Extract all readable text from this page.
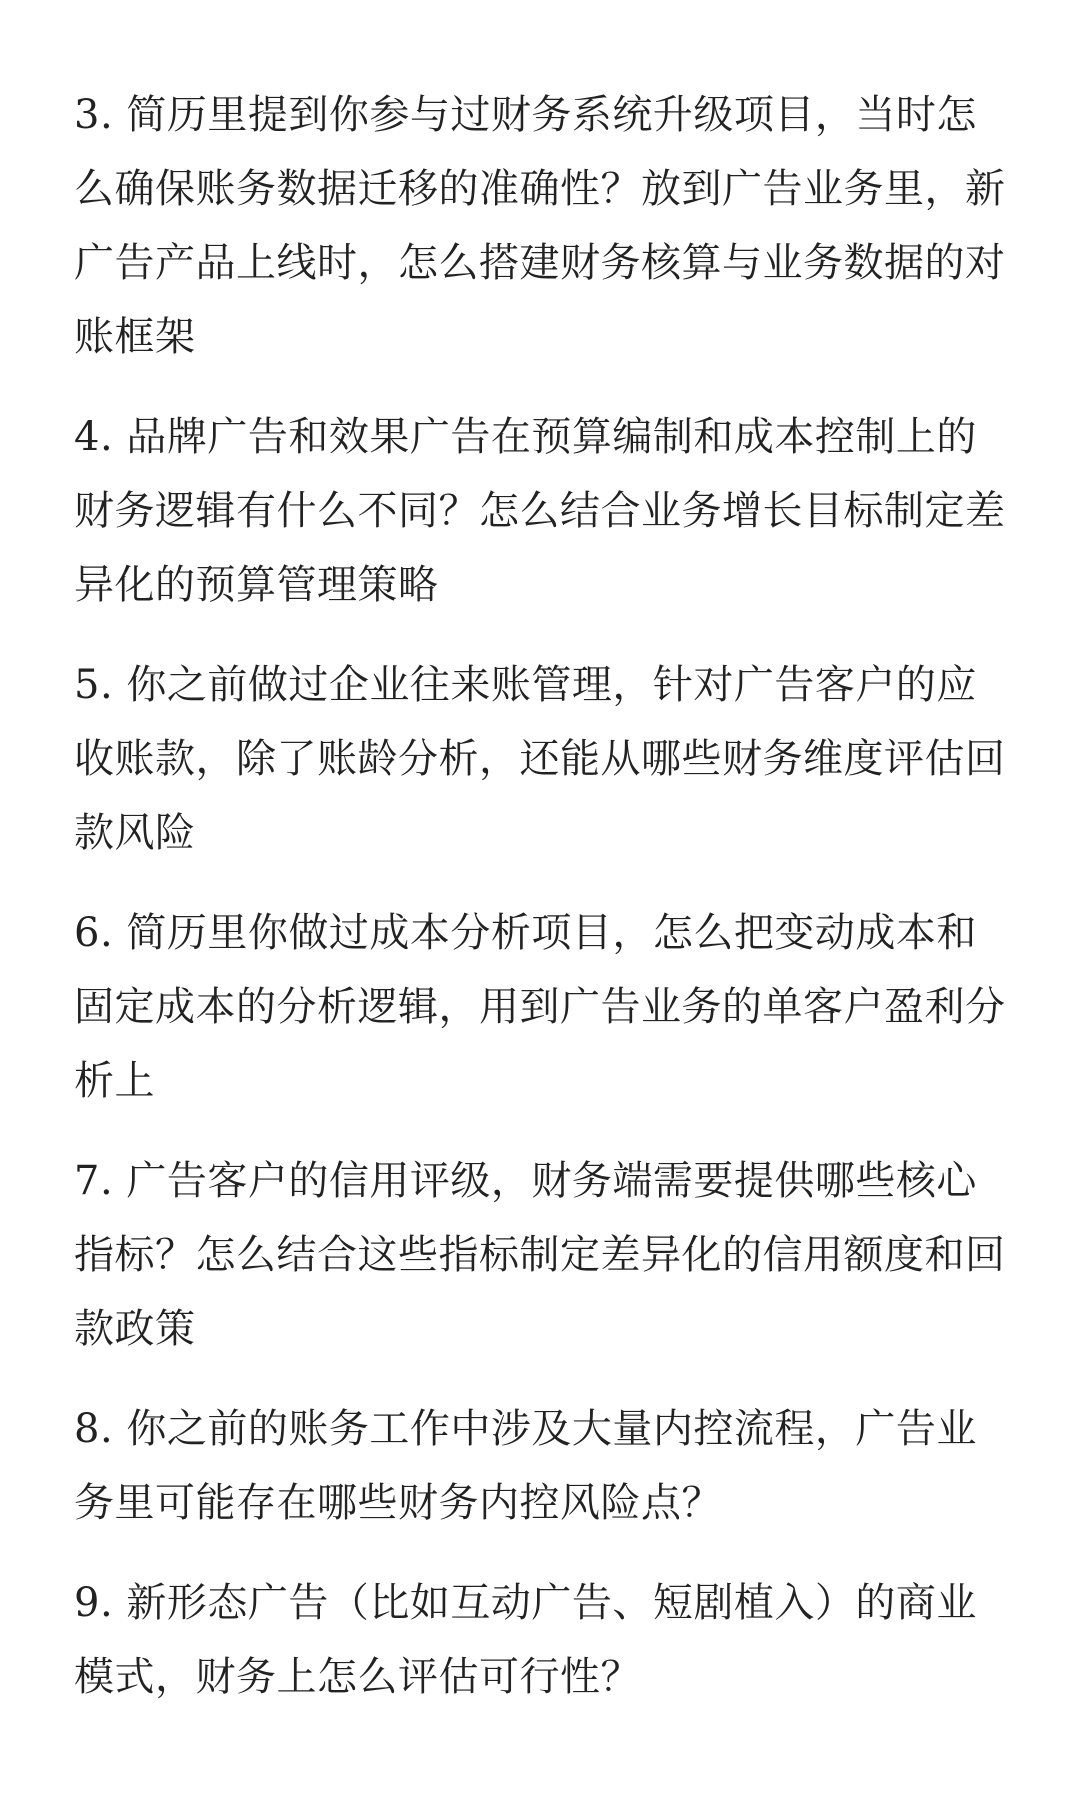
3. 简历里提到你参与过财务系统升级项目，当时怎么确保账务数据迁移的准确性？放到广告业务里，新广告产品上线时，怎么搭建财务核算与业务数据的对账框架

4. 品牌广告和效果广告在预算编制和成本控制上的财务逻辑有什么不同？怎么结合业务增长目标制定差异化的预算管理策略

5. 你之前做过企业往来账管理，针对广告客户的应收账款，除了账龄分析，还能从哪些财务维度评估回款风险

6. 简历里你做过成本分析项目，怎么把变动成本和固定成本的分析逻辑，用到广告业务的单客户盈利分析上

7. 广告客户的信用评级，财务端需要提供哪些核心指标？怎么结合这些指标制定差异化的信用额度和回款政策

8. 你之前的账务工作中涉及大量内控流程，广告业务里可能存在哪些财务内控风险点？

9. 新形态广告（比如互动广告、短剧植入）的商业模式，财务上怎么评估可行性？
